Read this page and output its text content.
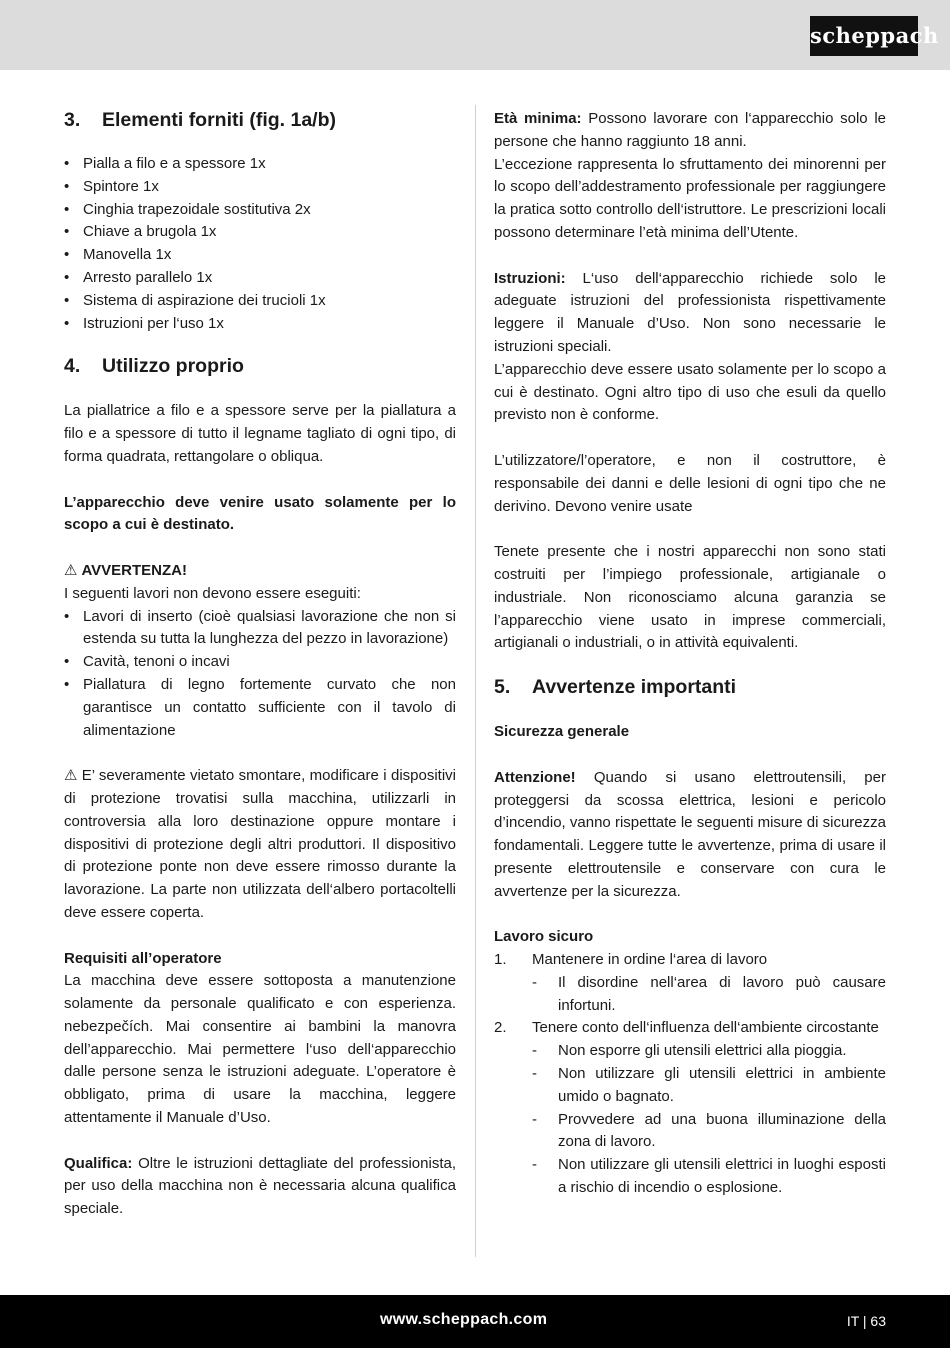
scheppach
3.	Elementi forniti (fig. 1a/b)
• Pialla a filo e a spessore 1x
• Spintore 1x
• Cinghia trapezoidale sostitutiva 2x
• Chiave a brugola 1x
• Manovella 1x
• Arresto parallelo 1x
• Sistema di aspirazione dei trucioli 1x
• Istruzioni per l‘uso 1x
4.	Utilizzo proprio

La piallatrice a filo e a spessore serve per la piallatura a filo e a spessore di tutto il legname tagliato di ogni tipo, di forma quadrata, rettangolare o obliqua.

L’apparecchio deve venire usato solamente per lo scopo a cui è destinato.

⚠ AVVERTENZA!

I seguenti lavori non devono essere eseguiti:

• Lavori di inserto (cioè qualsiasi lavorazione che non si estenda su tutta la lunghezza del pezzo in lavorazione)
• Cavità, tenoni o incavi
• Piallatura di legno fortemente curvato che non garantisce un contatto sufficiente con il tavolo di alimentazione

⚠ E’ severamente vietato smontare, modificare i dispositivi di protezione trovatisi sulla macchina, utilizzarli in controversia alla loro destinazione oppure montare i dispositivi di protezione degli altri produttori. Il dispositivo di protezione ponte non deve essere rimosso durante la lavorazione. La parte non utilizzata dell‘albero portacoltelli deve essere coperta.

Requisiti all’operatore

La macchina deve essere sottoposta a manutenzione solamente da personale qualificato e con esperienza. nebezpečích. Mai consentire ai bambini la manovra dell’apparecchio. Mai permettere l‘uso dell‘apparecchio dalle persone senza le istruzioni adeguate. L’operatore è obbligato, prima di usare la macchina, leggere attentamente il Manuale d’Uso.

Qualifica: Oltre le istruzioni dettagliate del professionista, per uso della macchina non è necessaria alcuna qualifica speciale.

Età minima: Possono lavorare con l‘apparecchio solo le persone che hanno raggiunto 18 anni.

L’eccezione rappresenta lo sfruttamento dei minorenni per lo scopo dell’addestramento professionale per raggiungere la pratica sotto controllo dell‘istruttore. Le prescrizioni locali possono determinare l’età minima dell’Utente.

Istruzioni: L‘uso dell‘apparecchio richiede solo le adeguate istruzioni del professionista rispettivamente leggere il Manuale d’Uso. Non sono necessarie le istruzioni speciali.

L’apparecchio deve essere usato solamente per lo scopo a cui è destinato. Ogni altro tipo di uso che esuli da quello previsto non è conforme.

L’utilizzatore/l’operatore, e non il costruttore, è responsabile dei danni e delle lesioni di ogni tipo che ne derivino. Devono venire usate

Tenete presente che i nostri apparecchi non sono stati costruiti per l’impiego professionale, artigianale o industriale. Non riconosciamo alcuna garanzia se l’apparecchio viene usato in imprese commerciali, artigianali o industriali, o in attività equivalenti.

5.	Avvertenze importanti
Sicurezza generale

Attenzione! Quando si usano elettroutensili, per proteggersi da scossa elettrica, lesioni e pericolo d’incendio, vanno rispettate le seguenti misure di sicurezza fondamentali. Leggere tutte le avvertenze, prima di usare il presente elettroutensile e conservare con cura le avvertenze per la sicurezza.

Lavoro sicuro
1. Mantenere in ordine l‘area di lavoro
- Il disordine nell‘area di lavoro può causare infortuni.
2. Tenere conto dell‘influenza dell‘ambiente circostante
- Non esporre gli utensili elettrici alla pioggia.
- Non utilizzare gli utensili elettrici in ambiente umido o bagnato.
- Provvedere ad una buona illuminazione della zona di lavoro.
- Non utilizzare gli utensili elettrici in luoghi esposti a rischio di incendio o esplosione.
www.scheppach.com	IT | 63
